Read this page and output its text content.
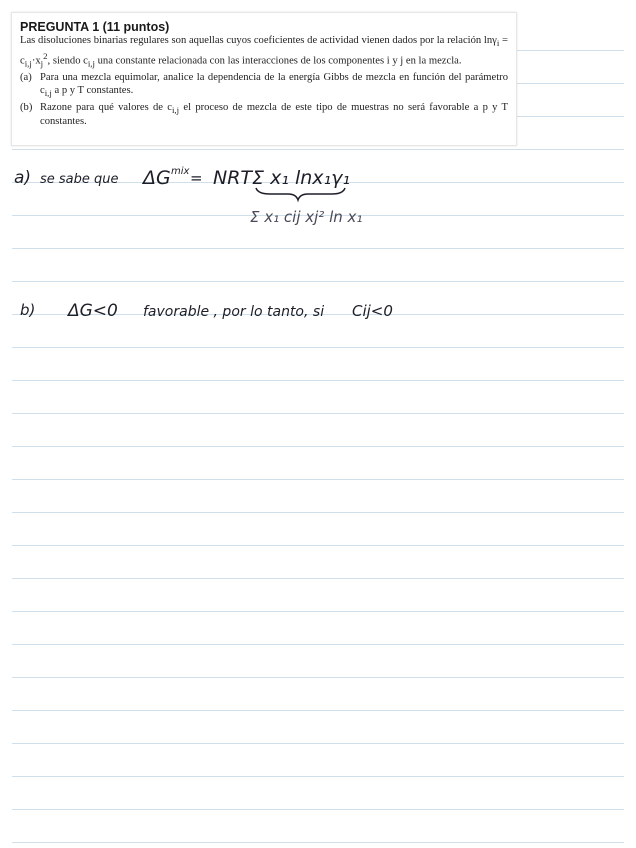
PREGUNTA 1 (11 puntos)

Las disoluciones binarias regulares son aquellas cuyos coeficientes de actividad vienen dados por la relación $\ln\gamma_i = c_{i,j}\cdot x_j^2$, siendo $c_{i,j}$ una constante relacionada con las interacciones de los componentes i y j en la mezcla.

(a) Para una mezcla equimolar, analice la dependencia de la energía Gibbs de mezcla en función del parámetro $c_{i,j}$ a p y T constantes.
(b) Razone para qué valores de $c_{i,j}$ el proceso de mezcla de este tipo de muestras no será favorable a p y T constantes.
a) se sabe que ΔG mix = NRTΣ x₁ lnx₁γ₁
Σ x₁ cij xj² ln x₁
b) ΔG<0 favorable , por lo tanto, si Cij<0
